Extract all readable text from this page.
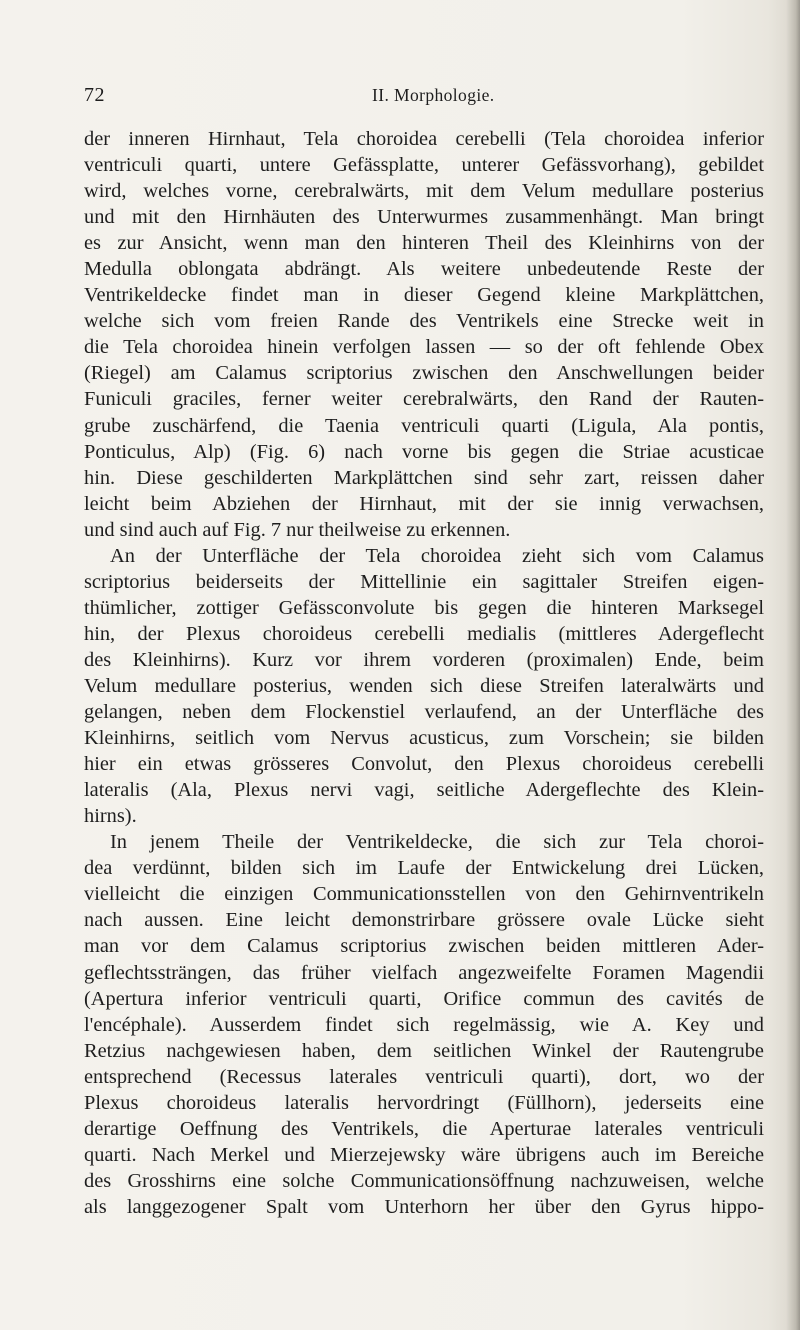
72	II. Morphologie.
der inneren Hirnhaut, Tela choroidea cerebelli (Tela choroidea inferior
ventriculi quarti, untere Gefässplatte, unterer Gefässvorhang), gebildet
wird, welches vorne, cerebralwärts, mit dem Velum medullare posterius
und mit den Hirnhäuten des Unterwurmes zusammenhängt. Man bringt
es zur Ansicht, wenn man den hinteren Theil des Kleinhirns von der
Medulla oblongata abdrängt. Als weitere unbedeutende Reste der
Ventrikeldecke findet man in dieser Gegend kleine Markplättchen,
welche sich vom freien Rande des Ventrikels eine Strecke weit in
die Tela choroidea hinein verfolgen lassen — so der oft fehlende Obex
(Riegel) am Calamus scriptorius zwischen den Anschwellungen beider
Funiculi graciles, ferner weiter cerebralwärts, den Rand der Rauten-
grube zuschärfend, die Taenia ventriculi quarti (Ligula, Ala pontis,
Ponticulus, Alp) (Fig. 6) nach vorne bis gegen die Striae acusticae
hin. Diese geschilderten Markplättchen sind sehr zart, reissen daher
leicht beim Abziehen der Hirnhaut, mit der sie innig verwachsen,
und sind auch auf Fig. 7 nur theilweise zu erkennen.
An der Unterfläche der Tela choroidea zieht sich vom Calamus
scriptorius beiderseits der Mittellinie ein sagittaler Streifen eigen-
thümlicher, zottiger Gefässconvolute bis gegen die hinteren Marksegel
hin, der Plexus choroideus cerebelli medialis (mittleres Adergeflecht
des Kleinhirns). Kurz vor ihrem vorderen (proximalen) Ende, beim
Velum medullare posterius, wenden sich diese Streifen lateralwärts und
gelangen, neben dem Flockenstiel verlaufend, an der Unterfläche des
Kleinhirns, seitlich vom Nervus acusticus, zum Vorschein; sie bilden
hier ein etwas grösseres Convolut, den Plexus choroideus cerebelli
lateralis (Ala, Plexus nervi vagi, seitliche Adergeflechte des Klein-
hirns).
In jenem Theile der Ventrikeldecke, die sich zur Tela choroi-
dea verdünnt, bilden sich im Laufe der Entwickelung drei Lücken,
vielleicht die einzigen Communicationsstellen von den Gehirnventrikeln
nach aussen. Eine leicht demonstrirbare grössere ovale Lücke sieht
man vor dem Calamus scriptorius zwischen beiden mittleren Ader-
geflechtssträngen, das früher vielfach angezweifelte Foramen Magendii
(Apertura inferior ventriculi quarti, Orifice commun des cavités de
l'encéphale). Ausserdem findet sich regelmässig, wie A. Key und
Retzius nachgewiesen haben, dem seitlichen Winkel der Rautengrube
entsprechend (Recessus laterales ventriculi quarti), dort, wo der
Plexus choroideus lateralis hervordringt (Füllhorn), jederseits eine
derartige Oeffnung des Ventrikels, die Aperturae laterales ventriculi
quarti. Nach Merkel und Mierzejewsky wäre übrigens auch im Bereiche
des Grosshirns eine solche Communicationsöffnung nachzuweisen, welche
als langgezogener Spalt vom Unterhorn her über den Gyrus hippo-
